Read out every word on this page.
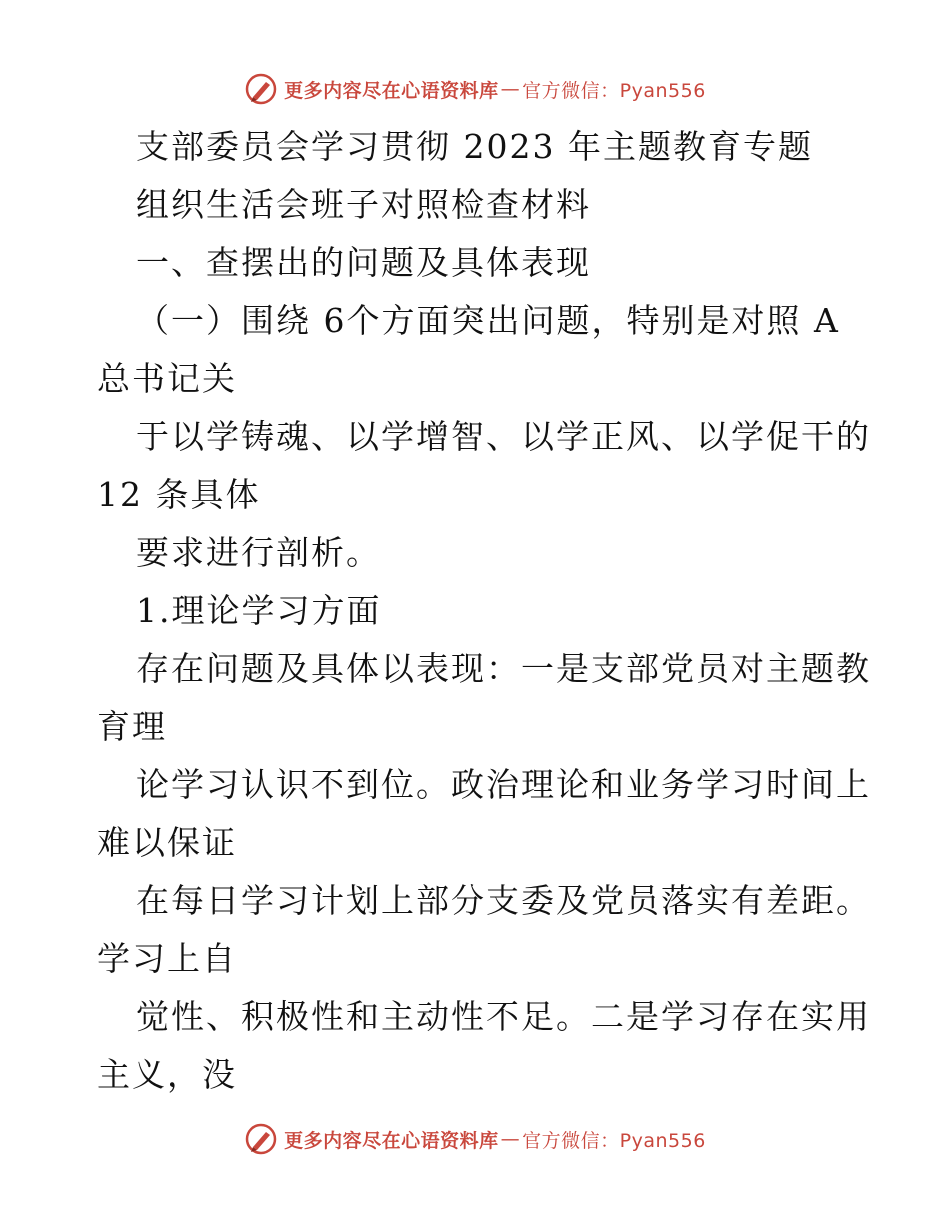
更多内容尽在心语资料库 — 官方微信：Pyan556
支部委员会学习贯彻 2023 年主题教育专题
组织生活会班子对照检查材料
一、查摆出的问题及具体表现
（一）围绕 6个方面突出问题，特别是对照 A
总书记关
于以学铸魂、以学增智、以学正风、以学促干的
12 条具体
要求进行剖析。
1.理论学习方面
存在问题及具体以表现：一是支部党员对主题教
育理
论学习认识不到位。政治理论和业务学习时间上
难以保证
在每日学习计划上部分支委及党员落实有差距。
学习上自
觉性、积极性和主动性不足。二是学习存在实用
主义，没
更多内容尽在心语资料库 — 官方微信：Pyan556
